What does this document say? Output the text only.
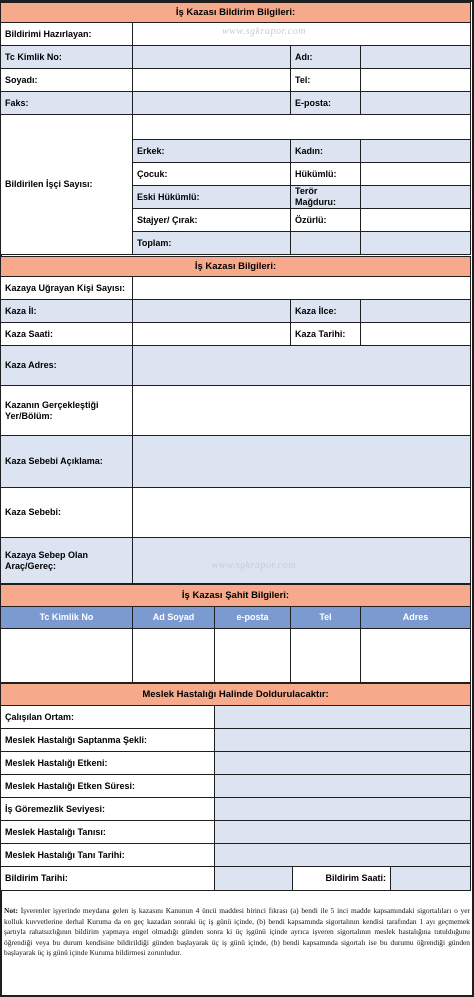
İş Kazası Bildirim Bilgileri:			
Bildirimi Hazırlayan:			
Tc Kimlik No:		Adı:	
Soyadı:		Tel:	
Faks:		E-posta:	
Bildirilen İşçi Sayısı:			
	Erkek:	Kadın:	
	Çocuk:	Hükümlü:	
	Eski Hükümlü:	Terör Mağduru:	
	Stajyer/ Çırak:	Özürlü:	
	Toplam:		
İş Kazası Bilgileri:			
Kazaya Uğrayan Kişi Sayısı:			
Kaza İl:		Kaza İlce:	
Kaza Saati:		Kaza Tarihi:	
Kaza Adres:			
Kazanın Gerçekleştiği Yer/Bölüm:			
Kaza Sebebi Açıklama:			
Kaza Sebebi:			
Kazaya Sebep Olan Araç/Gereç:			
İş Kazası Şahit Bilgileri:				
Tc Kimlik No	Ad Soyad	e-posta	Tel	Adres

Meslek Hastalığı Halinde Doldurulacaktır:			
Çalışılan Ortam:			
Meslek Hastalığı Saptanma Şekli:			
Meslek Hastalığı Etkeni:			
Meslek Hastalığı Etken Süresi:			
İş Göremezlik Seviyesi:			
Meslek Hastalığı Tanısı:			
Meslek Hastalığı Tanı Tarihi:			
Bildirim Tarihi:		Bildirim Saati:	
www.sgkrapor.com
www.sgkrapor.com
Not: İşverenler işyerinde meydana gelen iş kazasını Kanunun 4 üncü maddesi birinci fıkrası (a) bendi ile 5 inci madde kapsamındaki sigortalıları o yer kolluk kuvvetlerine derhal Kuruma da en geç kazadan sonraki üç iş günü içinde, (b) bendi kapsamında sigortalının kendisi tarafından 1 ayı geçmemek şartıyla rahatsızlığının bildirim yapmaya engel olmadığı günden sonra ki üç işgünü içinde ayrıca işveren sigortalının meslek hastalığına tutulduğunu öğrendiği veya bu durum kendisine bildirildiği günden başlayarak üç iş günü içinde, (b) bendi kapsamında sigortalı ise bu durumu öğrendiği günden başlayarak üç iş günü içinde Kuruma bildirmesi zorunludur.
